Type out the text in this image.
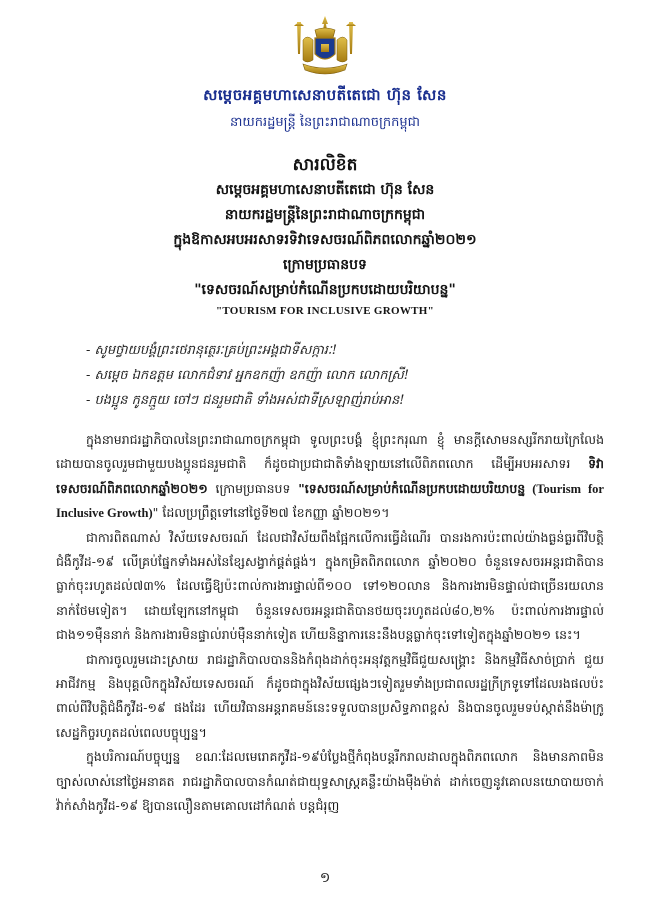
សម្ដេចអគ្គមហាសេនាបតីតេជោ ហ៊ុន សែន
នាយករដ្ឋមន្ត្រី នៃព្រះរាជាណាចក្រកម្ពុជា
សារលិខិត
សម្ដេចអគ្គមហាសេនាបតីតេជោ ហ៊ុន សែន
នាយករដ្ឋមន្ត្រីនៃព្រះរាជាណាចក្រកម្ពុជា
ក្នុងឱកាសអបអរសាទរទិវាទេសចរណ៍ពិភពលោកឆ្នាំ២០២១
ក្រោមប្រធានបទ
"ទេសចរណ៍សម្រាប់កំណើនប្រកបដោយបរិយាបន្ន"
"TOURISM FOR INCLUSIVE GROWTH"
- សូមថ្វាយបង្គំព្រះថេរានុត្ថេរៈគ្រប់ព្រះអង្គជាទីសក្ការៈ!
- សម្ដេច ឯកឧត្ដម លោកជំទាវ អ្នកឧកញ៉ា ឧកញ៉ា លោក លោកស្រី!
- បងប្អូន កូនក្មួយ ចៅៗ ជនរួមជាតិ ទាំងអស់ជាទីស្រឡាញ់រាប់អាន!

ក្នុងនាមរាជរដ្ឋាភិបាលនៃព្រះរាជាណាចក្រកម្ពុជា ទូលព្រះបង្គំ ខ្ញុំព្រះករុណា ខ្ញុំ មានក្ដីសោមនស្សរីករាយក្រៃលែង ដោយបានចូលរួមជាមួយបងប្អូនជនរួមជាតិ ក៏ដូចជាប្រជាជាតិទាំងឡាយនៅលើពិភពលោក ដើម្បីអបអរសាទរ ទិវាទេសចរណ៍ពិភពលោកឆ្នាំ២០២១ ក្រោមប្រធានបទ "ទេសចរណ៍សម្រាប់កំណើនប្រកបដោយបរិយាបន្ន (Tourism for Inclusive Growth)" ដែលប្រព្រឹត្តទៅនៅថ្ងៃទី២៧ ខែកញ្ញា ឆ្នាំ២០២១។

ជាការពិតណាស់ វិស័យទេសចរណ៍ ដែលជាវិស័យពឹងផ្អែកលើការធ្វើដំណើរ បានរងការប៉ះពាល់យ៉ាងធ្ងន់ធ្ងរពីវិបត្តិជំងឺកូវីដ-១៩ លើគ្រប់ផ្នែកទាំងអស់នៃខ្សែសង្វាក់ផ្គត់ផ្គង់។ ក្នុងកម្រិតពិភពលោក ឆ្នាំ២០២០ ចំនួនទេសចរអន្តរជាតិបានធ្លាក់ចុះរហូតដល់៧៣% ដែលធ្វើឱ្យប៉ះពាល់ការងារផ្ទាល់ពី១០០ ទៅ១២០លាន និងការងារមិនផ្ទាល់ជាច្រើនរយលាននាក់ថែមទៀត។ ដោយឡែកនៅកម្ពុជា ចំនួនទេសចរអន្តរជាតិបានថយចុះរហូតដល់៨០,២% ប៉ះពាល់ការងារផ្ទាល់ជាង១១ម៉ឺននាក់ និងការងារមិនផ្ទាល់រាប់ម៉ឺននាក់ទៀត ហើយនិន្នាការនេះនឹងបន្តធ្លាក់ចុះទៅទៀតក្នុងឆ្នាំ២០២១ នេះ។

ជាការចូលរួមដោះស្រាយ រាជរដ្ឋាភិបាលបាននិងកំពុងដាក់ចុះអនុវត្តកម្មវិធីជួយសង្គ្រោះ និងកម្មវិធីសាច់ប្រាក់ ជួយអាជីវកម្ម និងបុគ្គលិកក្នុងវិស័យទេសចរណ៍ ក៏ដូចជាក្នុងវិស័យផ្សេងៗទៀតរួមទាំងប្រជាពលរដ្ឋក្រីក្រទូទៅដែលរងផលប៉ះពាល់ពីវិបត្តិជំងឺកូវីដ-១៩ ផងដែរ ហើយវិធានអន្តរាគមន៍នេះទទួលបានប្រសិទ្ធភាពខ្ពស់ និងបានចូលរួមទប់ស្កាត់នឹងម៉ាក្រូសេដ្ឋកិច្ចរហូតដល់ពេលបច្ចុប្បន្ន។

ក្នុងបរិការណ៍បច្ចុប្បន្ន ខណៈដែលមេរោគកូវីដ-១៩បំប្លែងថ្មីកំពុងបន្តរីករាលដាលក្នុងពិភពលោក និងមានភាពមិនច្បាស់លាស់នៅថ្ងៃអនាគត រាជរដ្ឋាភិបាលបានកំណត់ជាយុទ្ធសាស្ត្រគន្លឹះយ៉ាងម៉ឺងម៉ាត់ ដាក់ចេញនូវគោលនយោបាយចាក់វ៉ាក់សាំងកូវីដ-១៩ ឱ្យបានលឿនតាមគោលដៅកំណត់ បន្តជំរុញ

១
